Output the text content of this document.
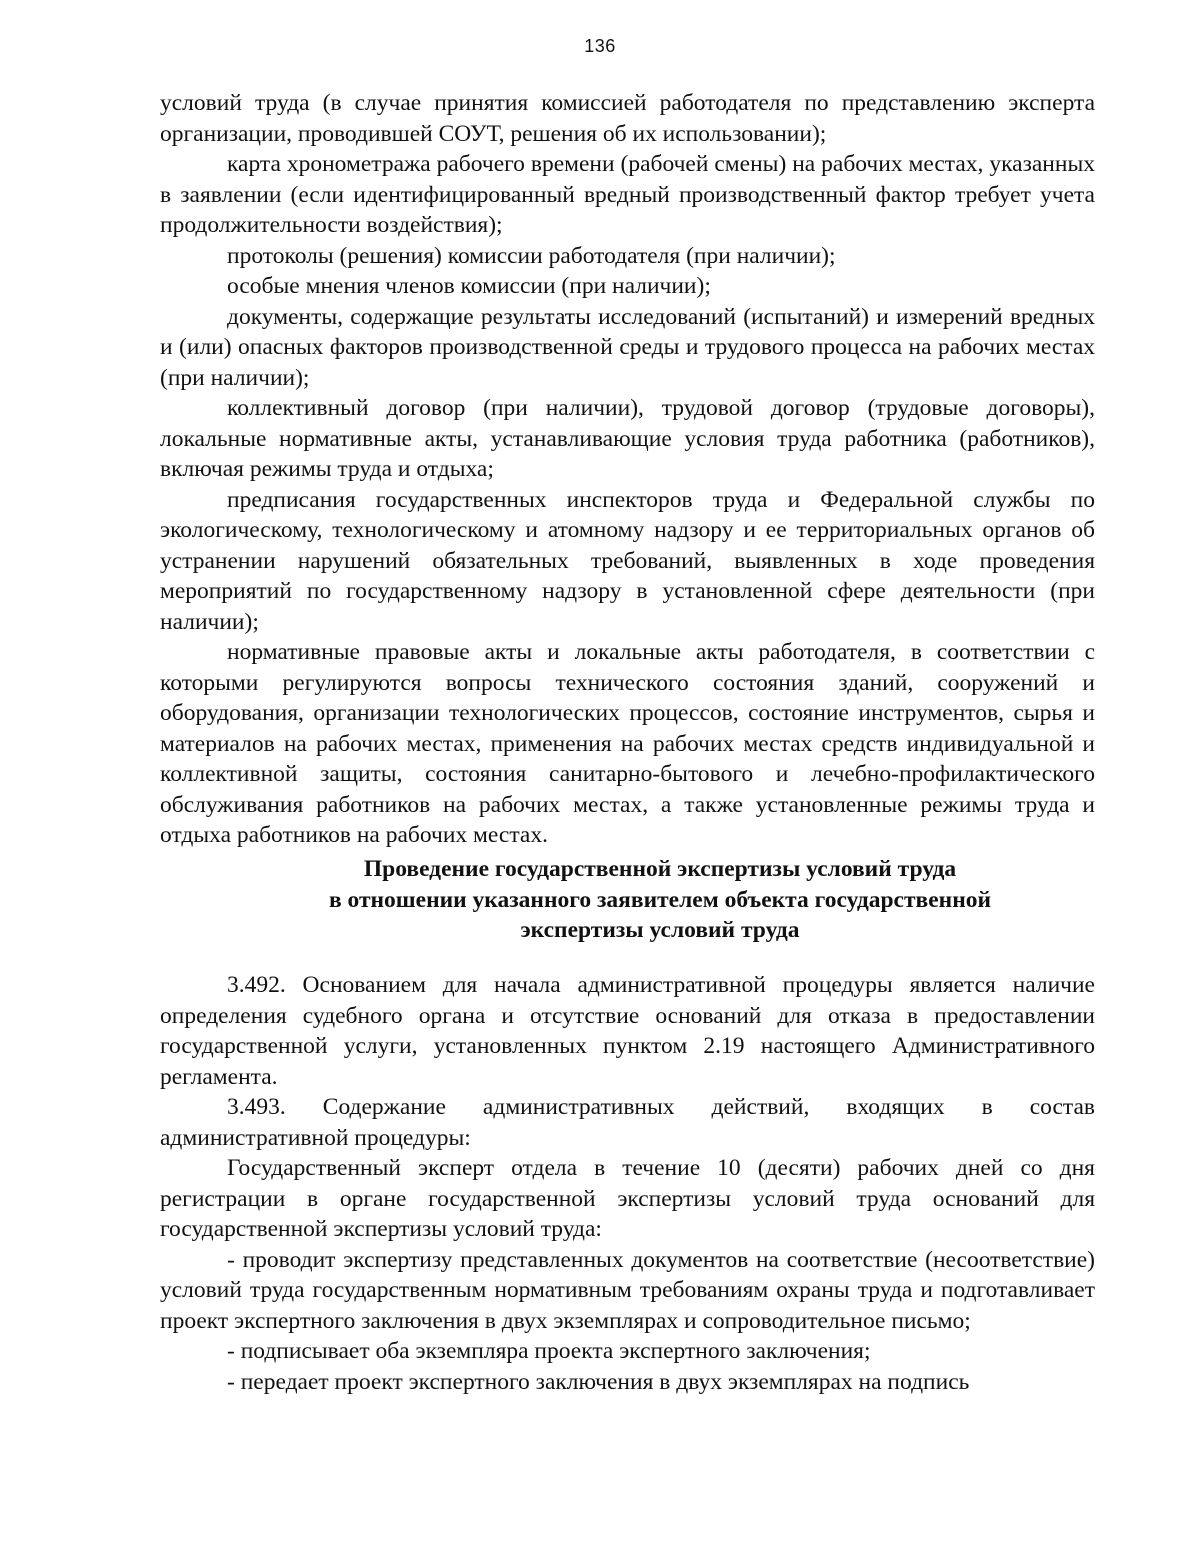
136

условий труда (в случае принятия комиссией работодателя по представлению эксперта организации, проводившей СОУТ, решения об их использовании);

карта хронометража рабочего времени (рабочей смены) на рабочих местах, указанных в заявлении (если идентифицированный вредный производственный фактор требует учета продолжительности воздействия);

протоколы (решения) комиссии работодателя (при наличии);

особые мнения членов комиссии (при наличии);

документы, содержащие результаты исследований (испытаний) и измерений вредных и (или) опасных факторов производственной среды и трудового процесса на рабочих местах (при наличии);

коллективный договор (при наличии), трудовой договор (трудовые договоры), локальные нормативные акты, устанавливающие условия труда работника (работников), включая режимы труда и отдыха;

предписания государственных инспекторов труда и Федеральной службы по экологическому, технологическому и атомному надзору и ее территориальных органов об устранении нарушений обязательных требований, выявленных в ходе проведения мероприятий по государственному надзору в установленной сфере деятельности (при наличии);

нормативные правовые акты и локальные акты работодателя, в соответствии с которыми регулируются вопросы технического состояния зданий, сооружений и оборудования, организации технологических процессов, состояние инструментов, сырья и материалов на рабочих местах, применения на рабочих местах средств индивидуальной и коллективной защиты, состояния санитарно-бытового и лечебно-профилактического обслуживания работников на рабочих местах, а также установленные режимы труда и отдыха работников на рабочих местах.

Проведение государственной экспертизы условий труда
в отношении указанного заявителем объекта государственной
экспертизы условий труда

3.492. Основанием для начала административной процедуры является наличие определения судебного органа и отсутствие оснований для отказа в предоставлении государственной услуги, установленных пунктом 2.19 настоящего Административного регламента.

3.493. Содержание административных действий, входящих в состав административной процедуры:

Государственный эксперт отдела в течение 10 (десяти) рабочих дней со дня регистрации в органе государственной экспертизы условий труда оснований для государственной экспертизы условий труда:

- проводит экспертизу представленных документов на соответствие (несоответствие) условий труда государственным нормативным требованиям охраны труда и подготавливает проект экспертного заключения в двух экземплярах и сопроводительное письмо;

- подписывает оба экземпляра проекта экспертного заключения;

- передает проект экспертного заключения в двух экземплярах на подпись
